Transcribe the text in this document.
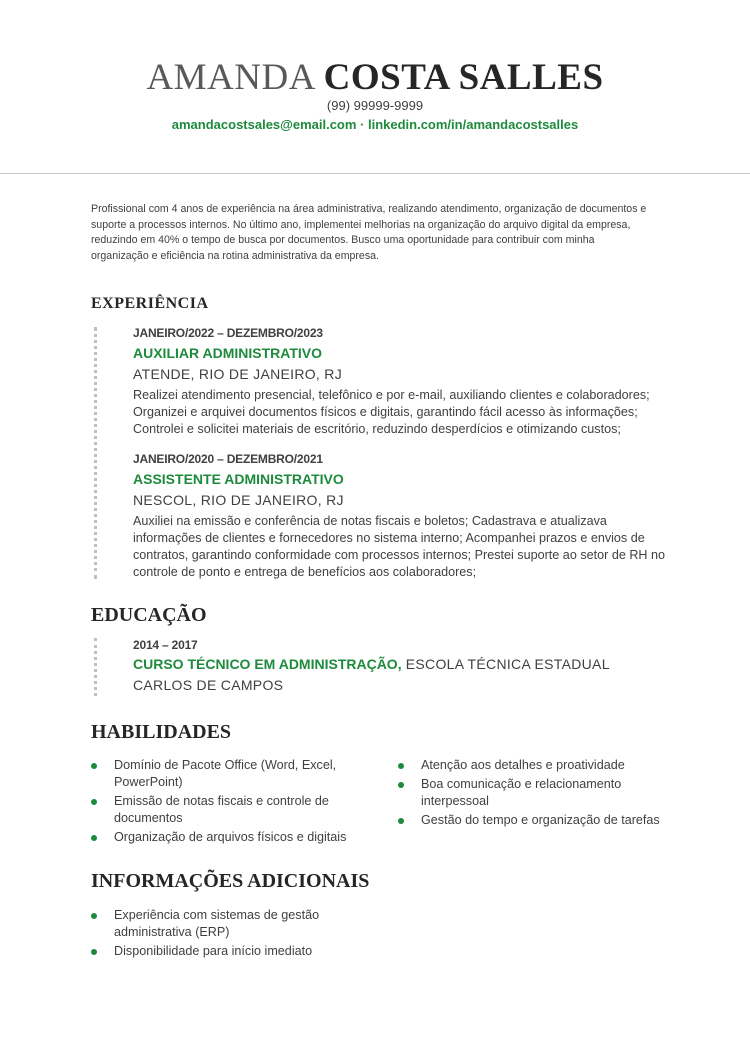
AMANDA COSTA SALLES
(99) 99999-9999
amandacostsales@email.com · linkedin.com/in/amandacostsalles
Profissional com 4 anos de experiência na área administrativa, realizando atendimento, organização de documentos e suporte a processos internos. No último ano, implementei melhorias na organização do arquivo digital da empresa, reduzindo em 40% o tempo de busca por documentos. Busco uma oportunidade para contribuir com minha organização e eficiência na rotina administrativa da empresa.
EXPERIÊNCIA
JANEIRO/2022 – DEZEMBRO/2023
AUXILIAR ADMINISTRATIVO
ATENDE, RIO DE JANEIRO, RJ
Realizei atendimento presencial, telefônico e por e-mail, auxiliando clientes e colaboradores; Organizei e arquivei documentos físicos e digitais, garantindo fácil acesso às informações; Controlei e solicitei materiais de escritório, reduzindo desperdícios e otimizando custos;
JANEIRO/2020 – DEZEMBRO/2021
ASSISTENTE ADMINISTRATIVO
NESCOL, RIO DE JANEIRO, RJ
Auxiliei na emissão e conferência de notas fiscais e boletos; Cadastrava e atualizava informações de clientes e fornecedores no sistema interno; Acompanhei prazos e envios de contratos, garantindo conformidade com processos internos; Prestei suporte ao setor de RH no controle de ponto e entrega de benefícios aos colaboradores;
EDUCAÇÃO
2014 – 2017
CURSO TÉCNICO EM ADMINISTRAÇÃO, ESCOLA TÉCNICA ESTADUAL CARLOS DE CAMPOS
HABILIDADES
Domínio de Pacote Office (Word, Excel, PowerPoint)
Emissão de notas fiscais e controle de documentos
Organização de arquivos físicos e digitais
Atenção aos detalhes e proatividade
Boa comunicação e relacionamento interpessoal
Gestão do tempo e organização de tarefas
INFORMAÇÕES ADICIONAIS
Experiência com sistemas de gestão administrativa (ERP)
Disponibilidade para início imediato
